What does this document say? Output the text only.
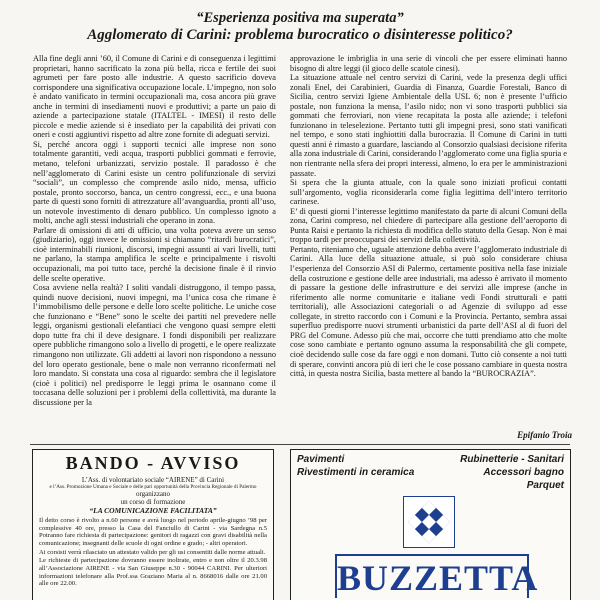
“Esperienza positiva ma superata”
Agglomerato di Carini: problema burocratico o disinteresse politico?

Alla fine degli anni ’60, il Comune di Carini e di conseguenza i legittimi proprietari, hanno sacrificato la zona più bella, ricca e fertile dei suoi agrumeti per fare posto alle industrie. A questo sacrificio doveva corrispondere una significativa occupazione locale. L’impegno, non solo è andato vanificato in termini occupazionali ma, cosa ancora più grave anche in termini di insediamenti nuovi e produttivi; a parte un paio di aziende a partecipazione statale (ITALTEL - IMESI) il resto delle piccole e medie aziende si è insediato per la capabilità dei privati con oneri e costi aggiuntivi rispetto ad altre zone fornite di adeguati servizi.

Si, perché ancora oggi i supporti tecnici alle imprese non sono totalmente garantiti, vedi acqua, trasporti pubblici gommati e ferrovie, metano, telefoni urbanizzati, servizio postale. Il paradosso è che nell’agglomerato di Carini esiste un centro polifunzionale di servizi “sociali”, un complesso che comprende asilo nido, mensa, ufficio postale, pronto soccorso, banca, un centro congressi, ecc., e una buona parte di questi sono forniti di attrezzature all’avanguardia, pronti all’uso, un notevole investimento di denaro pubblico. Un complesso ignoto a molti, anche agli stessi industriali che operano in zona.

Parlare di omissioni di atti di ufficio, una volta poteva avere un senso (giudiziario), oggi invece le omissioni si chiamano “ritardi burocratici”, cioè interminabili riunioni, discorsi, impegni assunti ai vari livelli, tutti ne parlano, la stampa amplifica le scelte e principalmente i risvolti occupazionali, ma poi tutto tace, perché la decisione finale è il rinvio delle scelte operative.

Cosa avviene nella realtà? I soliti vandali distruggono, il tempo passa, quindi nuove decisioni, nuovi impegni, ma l’unica cosa che rimane è l’immobilismo delle persone e delle loro scelte politiche. Le uniche cose che funzionano e “Bene” sono le scelte dei partiti nel prevedere nelle leggi, organismi gestionali elefantiaci che vengono quasi sempre eletti dopo tutte fra chi il deve designare. I fondi disponibili per realizzare opere pubbliche rimangono solo a livello di progetti, e le opere realizzate rimangono non utilizzate. Gli addetti ai lavori non rispondono a nessuno del loro operato gestionale, bene o male non verranno riconfermati nel loro mandato. Si constata una cosa al riguardo: sembra che il legislatore (cioè i politici) nel predisporre le leggi prima le osannano come il toccasana delle soluzioni per i problemi della collettività, ma durante la discussione per la

approvazione le imbriglia in una serie di vincoli che per essere eliminati hanno bisogno di altre leggi (il gioco delle scatole cinesi).

La situazione attuale nel centro servizi di Carini, vede la presenza degli uffici zonali Enel, dei Carabinieri, Guardia di Finanza, Guardie Forestali, Banco di Sicilia, centro servizi Igiene Ambientale della USL 6; non è presente l’ufficio postale, non funziona la mensa, l’asilo nido; non vi sono trasporti pubblici sia gommati che ferroviari, non viene recapitata la posta alle aziende; i telefoni funzionano in teleselezione. Pertanto tutti gli impegni presi, sono stati vanificati nel tempo, e sono stati inghiottiti dalla burocrazia. Il Comune di Carini in tutti questi anni è rimasto a guardare, lasciando al Consorzio qualsiasi decisione riferita alla zona industriale di Carini, considerando l’agglomerato come una figlia spuria e non rientrante nella sfera dei propri interessi, almeno, lo era per le amministrazioni passate.

Si spera che la giunta attuale, con la quale sono iniziati proficui contatti sull’argomento, voglia riconsiderarla come figlia legittima dell’intero territorio carinese.

E’ di questi giorni l’interesse legittimo manifestato da parte di alcuni Comuni della zona, Carini compreso, nel chiedere di partecipare alla gestione dell’aeroporto di Punta Raisi e pertanto la richiesta di modifica dello statuto della Gesap. Non è mai troppo tardi per preoccuparsi dei servizi della collettività.

Pertanto, riteniamo che, uguale attenzione debba avere l’agglomerato industriale di Carini. Alla luce della situazione attuale, si può solo considerare chiusa l’esperienza del Consorzio ASI di Palermo, certamente positiva nella fase iniziale della costruzione e gestione delle aree industriali, ma adesso è arrivato il momento di passare la gestione delle infrastrutture e dei servizi alle imprese (anche in riferimento alle norme comunitarie e italiane vedi Fondi strutturali e patti territoriali), alle Associazioni categoriali o ad Agenzie di sviluppo ad esse collegate, in stretto raccordo con i Comuni e la Provincia. Pertanto, sembra assai superfluo predisporre nuovi strumenti urbanistici da parte dell’ASI al di fuori del PRG del Comune. Adesso più che mai, occorre che tutti prendiamo atto che molte cose sono cambiate e pertanto ognuno assuma la responsabilità che gli compete, cioè decidendo sulle cose da fare oggi e non domani. Tutto ciò consente a noi tutti di sperare, convinti ancora più di ieri che le cose possano cambiare in questa nostra città, in questa nostra Sicilia, basta mettere al bando la “BUROCRAZIA”.

Epifanio Troia
BANDO - AVVISO
L’Ass. di volontariato sociale “AIRENE” di Carini
e l’Ass. Promozione Umana e Sociale e delle pari opportunità della Provincia Regionale di Palermo
organizzano
un corso di formazione
“LA COMUNICAZIONE FACILITATA”

Il detto corso è rivolto a n.60 persone e avrà luogo nel periodo aprile-giugno ’98 per complessive 40 ore, presso la Casa del Fanciullo di Carini - via Sardegna n.5 Potranno fare richiesta di partecipazione: genitori di ragazzi con gravi disabilità nella comunicazione; insegnanti delle scuole di ogni ordine e grado; - altri operatori.

Ai corsisti verrà rilasciato un attestato valido per gli usi consentiti dalle norme attuali.

Le richieste di partecipazione dovranno essere inoltrate, entro e non oltre il 20.3.98 all’Associazione AIRENE - via San Giuseppe n.30 - 90044 CARINI. Per ulteriori informazioni telefonare alla Prof.ssa Graziano Maria al n. 8668016 dalle ore 21.00 alle ore 22.00.

Pavimenti
Rivestimenti in ceramica
Rubinetterie - Sanitari
Accessori bagno
Parquet
BUZZETTA
